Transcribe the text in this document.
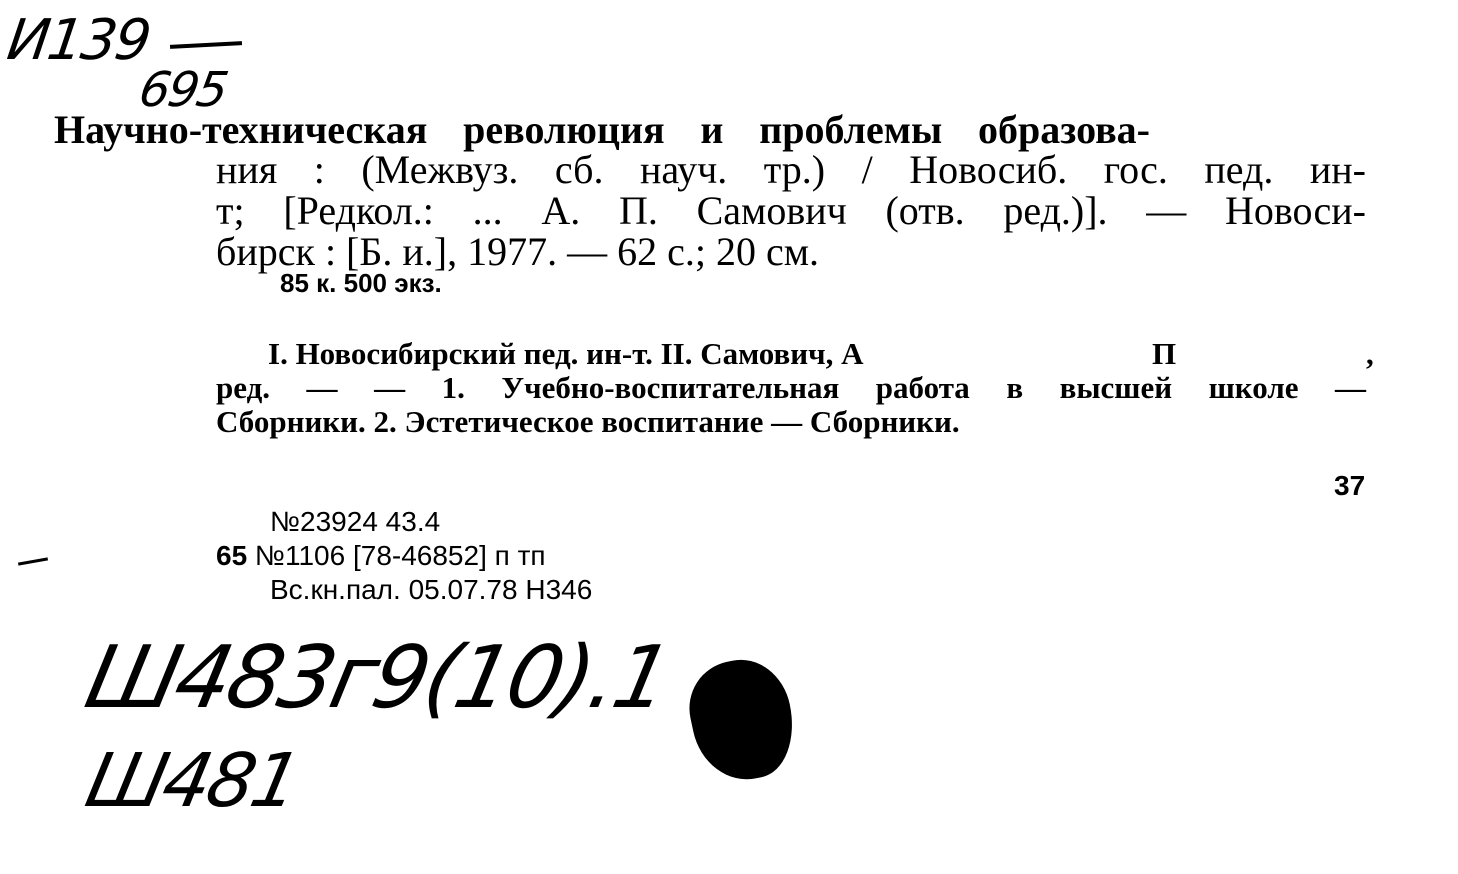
И139
695
Научно-техническая революция и проблемы образова-
ния : (Межвуз. сб. науч. тр.) / Новосиб. гос. пед. ин-
т; [Редкол.: ... А. П. Самович (отв. ред.)]. — Новоси-
бирск : [Б. и.], 1977. — 62 с.; 20 см.
85 к. 500 экз.
I. Новосибирский пед. ин-т. II. Самович, А	П	,
ред. — — 1. Учебно-воспитательная работа в высшей школе —
Сборники. 2. Эстетическое воспитание — Сборники.
37
№23924 43.4
65 №1106 [78-46852] п тп
Вс.кн.пал. 05.07.78 Н346
Ш483г9(10).1
Ш481
